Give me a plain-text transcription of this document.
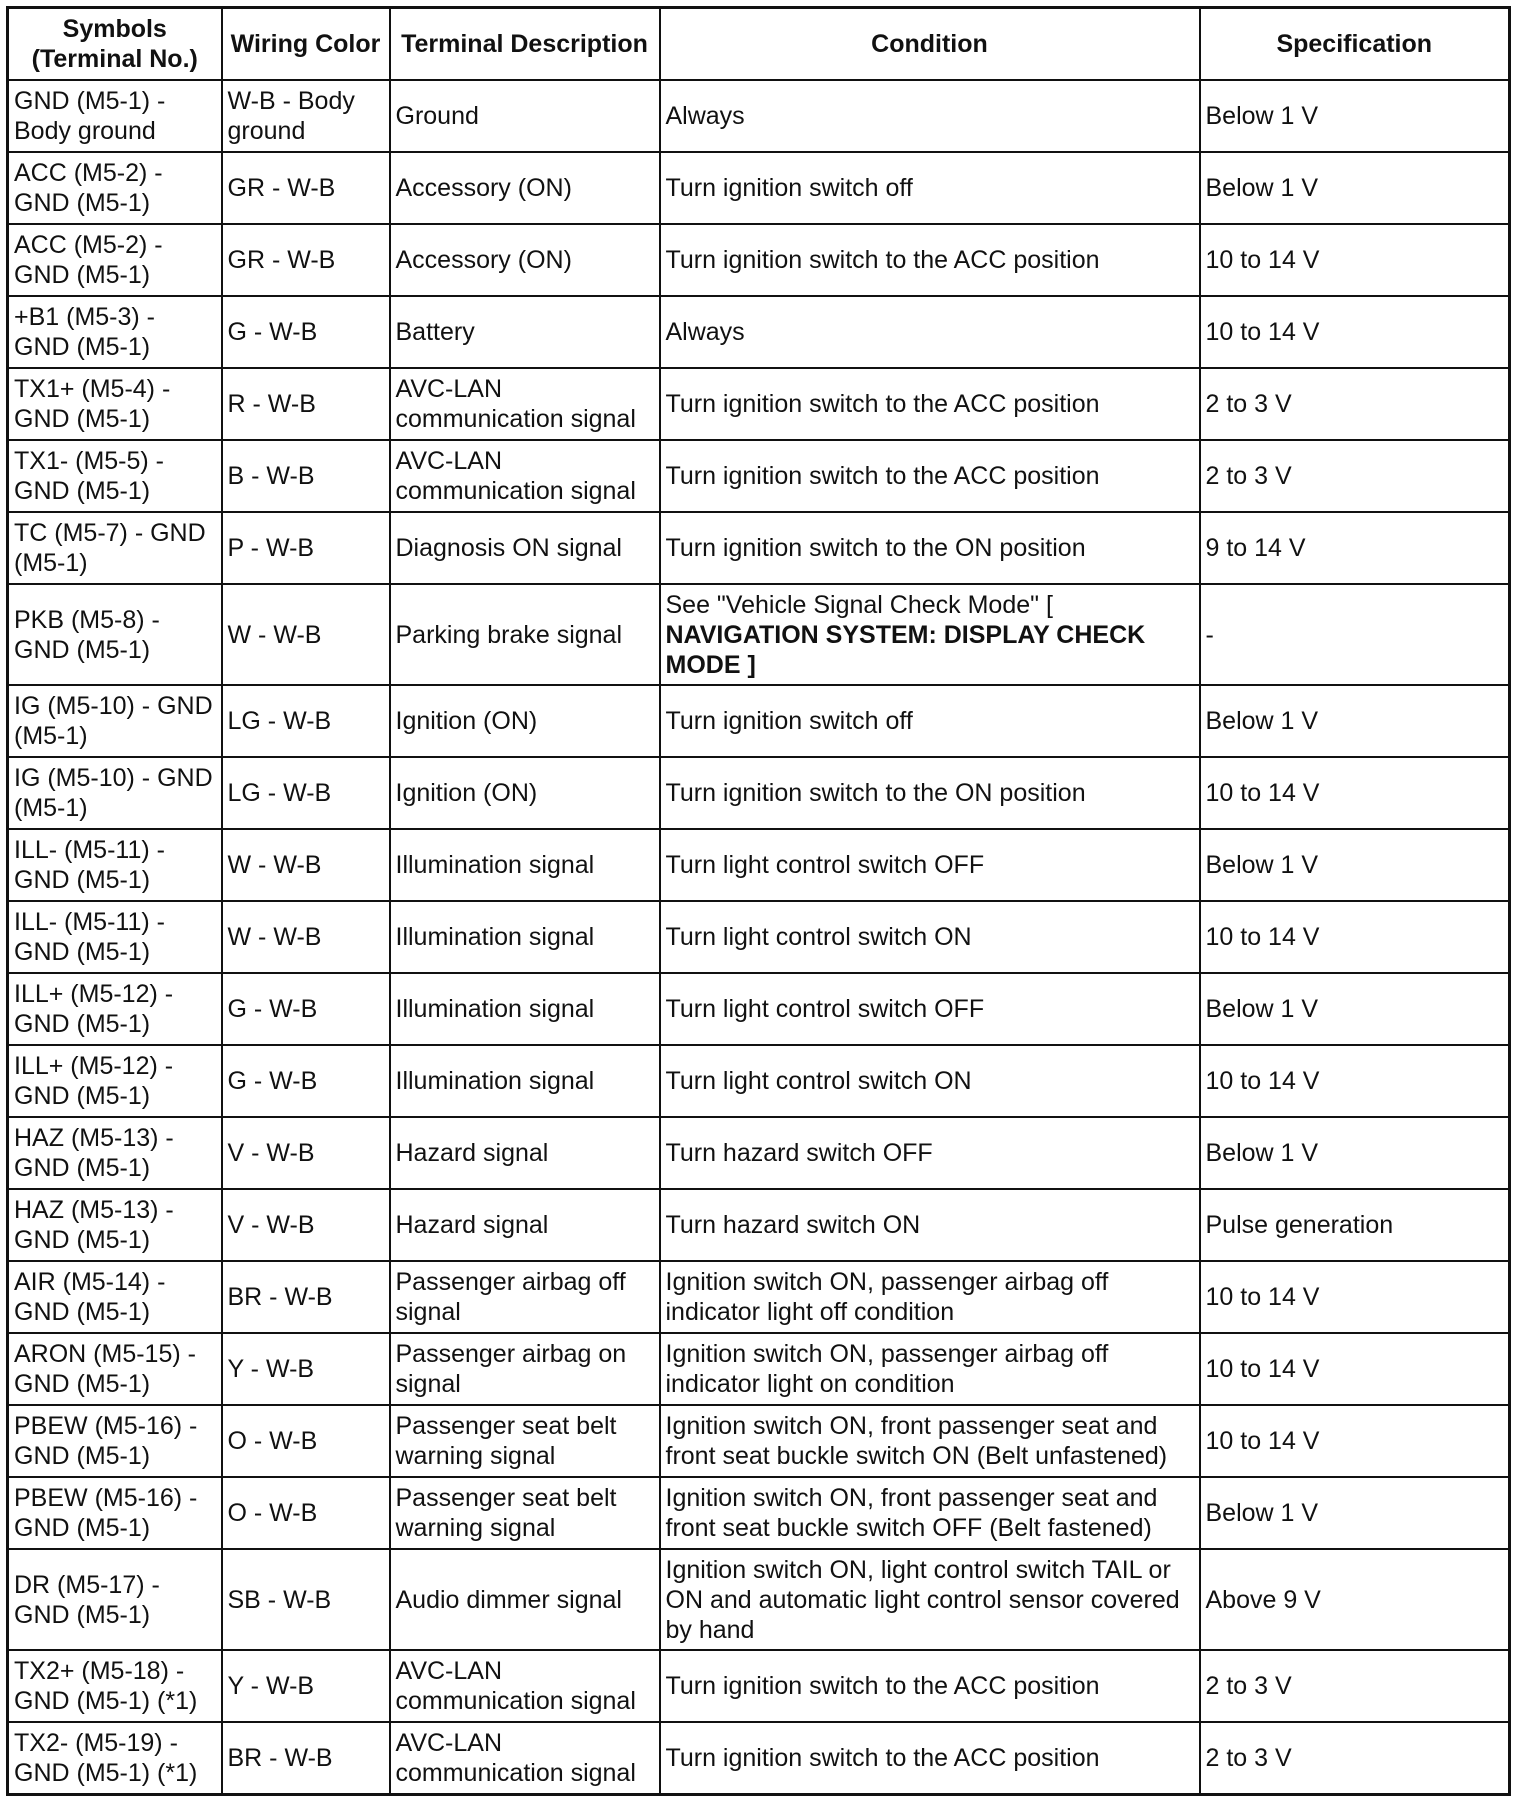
Symbols (Terminal No.)	Wiring Color	Terminal Description	Condition	Specification
GND (M5-1) - Body ground	W-B - Body ground	Ground	Always	Below 1 V
ACC (M5-2) - GND (M5-1)	GR - W-B	Accessory (ON)	Turn ignition switch off	Below 1 V
ACC (M5-2) - GND (M5-1)	GR - W-B	Accessory (ON)	Turn ignition switch to the ACC position	10 to 14 V
+B1 (M5-3) - GND (M5-1)	G - W-B	Battery	Always	10 to 14 V
TX1+ (M5-4) - GND (M5-1)	R - W-B	AVC-LAN communication signal	Turn ignition switch to the ACC position	2 to 3 V
TX1- (M5-5) - GND (M5-1)	B - W-B	AVC-LAN communication signal	Turn ignition switch to the ACC position	2 to 3 V
TC (M5-7) - GND (M5-1)	P - W-B	Diagnosis ON signal	Turn ignition switch to the ON position	9 to 14 V
PKB (M5-8) - GND (M5-1)	W - W-B	Parking brake signal	See "Vehicle Signal Check Mode" [ NAVIGATION SYSTEM: DISPLAY CHECK MODE ]	-
IG (M5-10) - GND (M5-1)	LG - W-B	Ignition (ON)	Turn ignition switch off	Below 1 V
IG (M5-10) - GND (M5-1)	LG - W-B	Ignition (ON)	Turn ignition switch to the ON position	10 to 14 V
ILL- (M5-11) - GND (M5-1)	W - W-B	Illumination signal	Turn light control switch OFF	Below 1 V
ILL- (M5-11) - GND (M5-1)	W - W-B	Illumination signal	Turn light control switch ON	10 to 14 V
ILL+ (M5-12) - GND (M5-1)	G - W-B	Illumination signal	Turn light control switch OFF	Below 1 V
ILL+ (M5-12) - GND (M5-1)	G - W-B	Illumination signal	Turn light control switch ON	10 to 14 V
HAZ (M5-13) - GND (M5-1)	V - W-B	Hazard signal	Turn hazard switch OFF	Below 1 V
HAZ (M5-13) - GND (M5-1)	V - W-B	Hazard signal	Turn hazard switch ON	Pulse generation
AIR (M5-14) - GND (M5-1)	BR - W-B	Passenger airbag off signal	Ignition switch ON, passenger airbag off indicator light off condition	10 to 14 V
ARON (M5-15) - GND (M5-1)	Y - W-B	Passenger airbag on signal	Ignition switch ON, passenger airbag off indicator light on condition	10 to 14 V
PBEW (M5-16) - GND (M5-1)	O - W-B	Passenger seat belt warning signal	Ignition switch ON, front passenger seat and front seat buckle switch ON (Belt unfastened)	10 to 14 V
PBEW (M5-16) - GND (M5-1)	O - W-B	Passenger seat belt warning signal	Ignition switch ON, front passenger seat and front seat buckle switch OFF (Belt fastened)	Below 1 V
DR (M5-17) - GND (M5-1)	SB - W-B	Audio dimmer signal	Ignition switch ON, light control switch TAIL or ON and automatic light control sensor covered by hand	Above 9 V
TX2+ (M5-18) - GND (M5-1) (*1)	Y - W-B	AVC-LAN communication signal	Turn ignition switch to the ACC position	2 to 3 V
TX2- (M5-19) - GND (M5-1) (*1)	BR - W-B	AVC-LAN communication signal	Turn ignition switch to the ACC position	2 to 3 V
